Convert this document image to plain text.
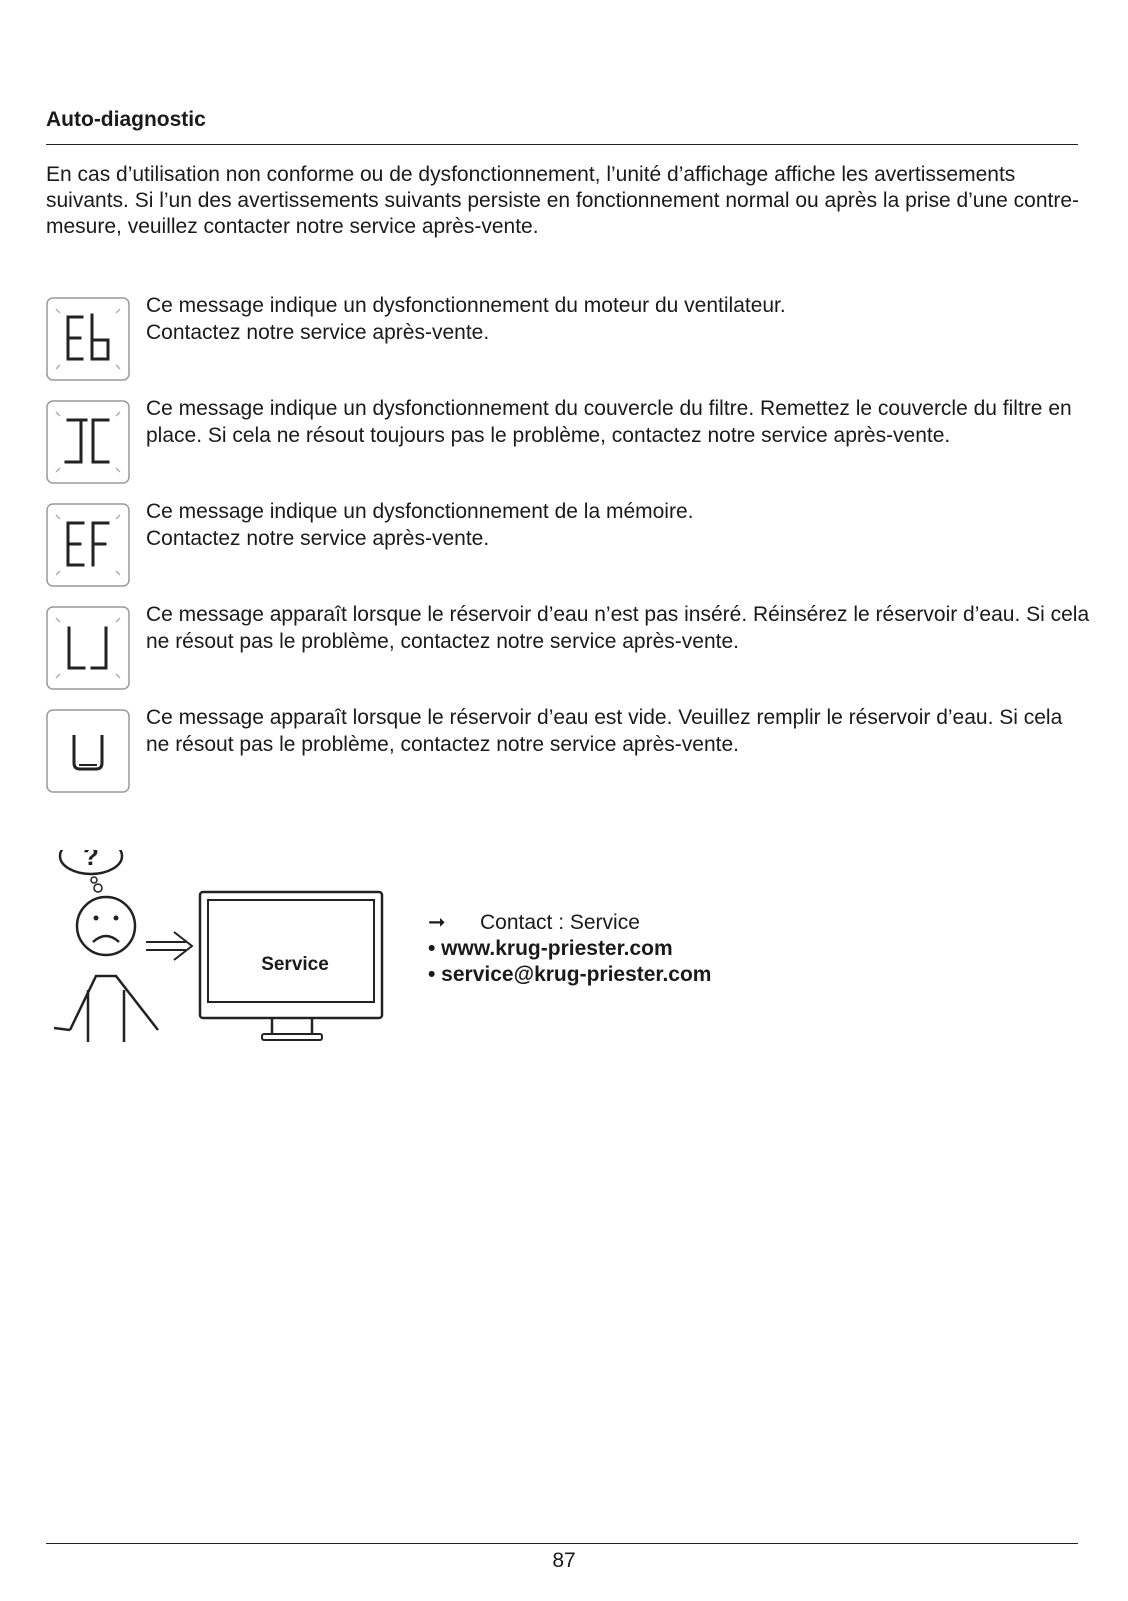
Auto-diagnostic
En cas d’utilisation non conforme ou de dysfonctionnement, l’unité d’affichage affiche les avertissements suivants. Si l’un des avertissements suivants persiste en fonctionnement normal ou après la prise d’une contre-mesure, veuillez contacter notre service après-vente.
Ce message indique un dysfonctionnement du moteur du ventilateur.
Contactez notre service après-vente.
Ce message indique un dysfonctionnement du couvercle du filtre. Remettez le couvercle du filtre en place. Si cela ne résout toujours pas le problème, contactez notre service après-vente.
Ce message indique un dysfonctionnement de la mémoire.
Contactez notre service après-vente.
Ce message apparaît lorsque le réservoir d’eau n’est pas inséré. Réinsérez le réservoir d’eau. Si cela ne résout pas le problème, contactez notre service après-vente.
Ce message apparaît lorsque le réservoir d’eau est vide. Veuillez remplir le réservoir d’eau. Si cela ne résout pas le problème, contactez notre service après-vente.
?
Service
➞ Contact : Service
• www.krug-priester.com
• service@krug-priester.com
87
